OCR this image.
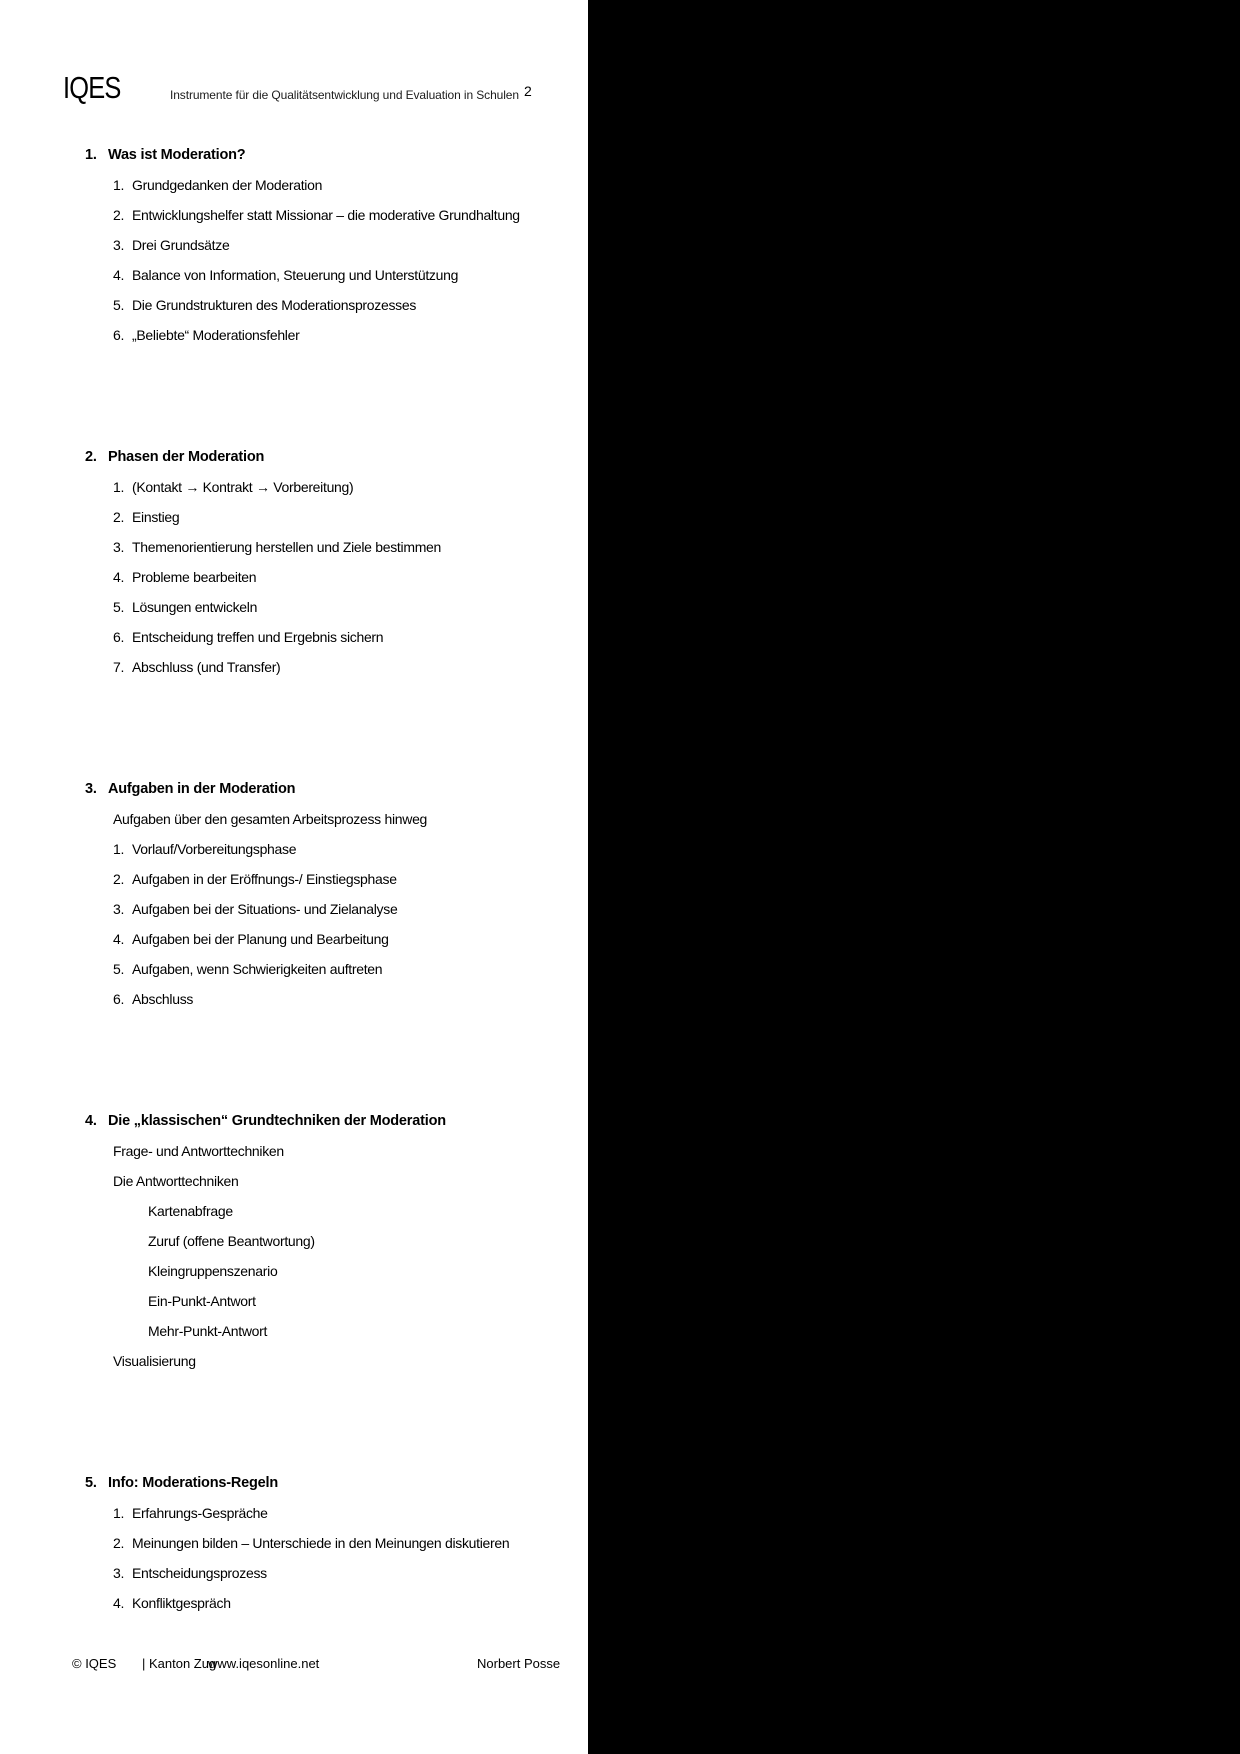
IQES	Instrumente für die Qualitätsentwicklung und Evaluation in Schulen 2
1. Was ist Moderation?
1. Grundgedanken der Moderation
2. Entwicklungshelfer statt Missionar – die moderative Grundhaltung
3. Drei Grundsätze
4. Balance von Information, Steuerung und Unterstützung
5. Die Grundstrukturen des Moderationsprozesses
6. „Beliebte“ Moderationsfehler
2. Phasen der Moderation
1. (Kontakt → Kontrakt → Vorbereitung)
2. Einstieg
3. Themenorientierung herstellen und Ziele bestimmen
4. Probleme bearbeiten
5. Lösungen entwickeln
6. Entscheidung treffen und Ergebnis sichern
7. Abschluss (und Transfer)
3. Aufgaben in der Moderation
Aufgaben über den gesamten Arbeitsprozess hinweg
1. Vorlauf/Vorbereitungsphase
2. Aufgaben in der Eröffnungs-/ Einstiegsphase
3. Aufgaben bei der Situations- und Zielanalyse
4. Aufgaben bei der Planung und Bearbeitung
5. Aufgaben, wenn Schwierigkeiten auftreten
6. Abschluss
4. Die „klassischen“ Grundtechniken der Moderation
Frage- und Antworttechniken
Die Antworttechniken
Kartenabfrage
Zuruf (offene Beantwortung)
Kleingruppenszenario
Ein-Punkt-Antwort
Mehr-Punkt-Antwort
Visualisierung
5. Info: Moderations-Regeln
1. Erfahrungs-Gespräche
2. Meinungen bilden – Unterschiede in den Meinungen diskutieren
3. Entscheidungsprozess
4. Konfliktgespräch
© IQES | Kanton Zug
www.iqesonline.net	Norbert Posse
